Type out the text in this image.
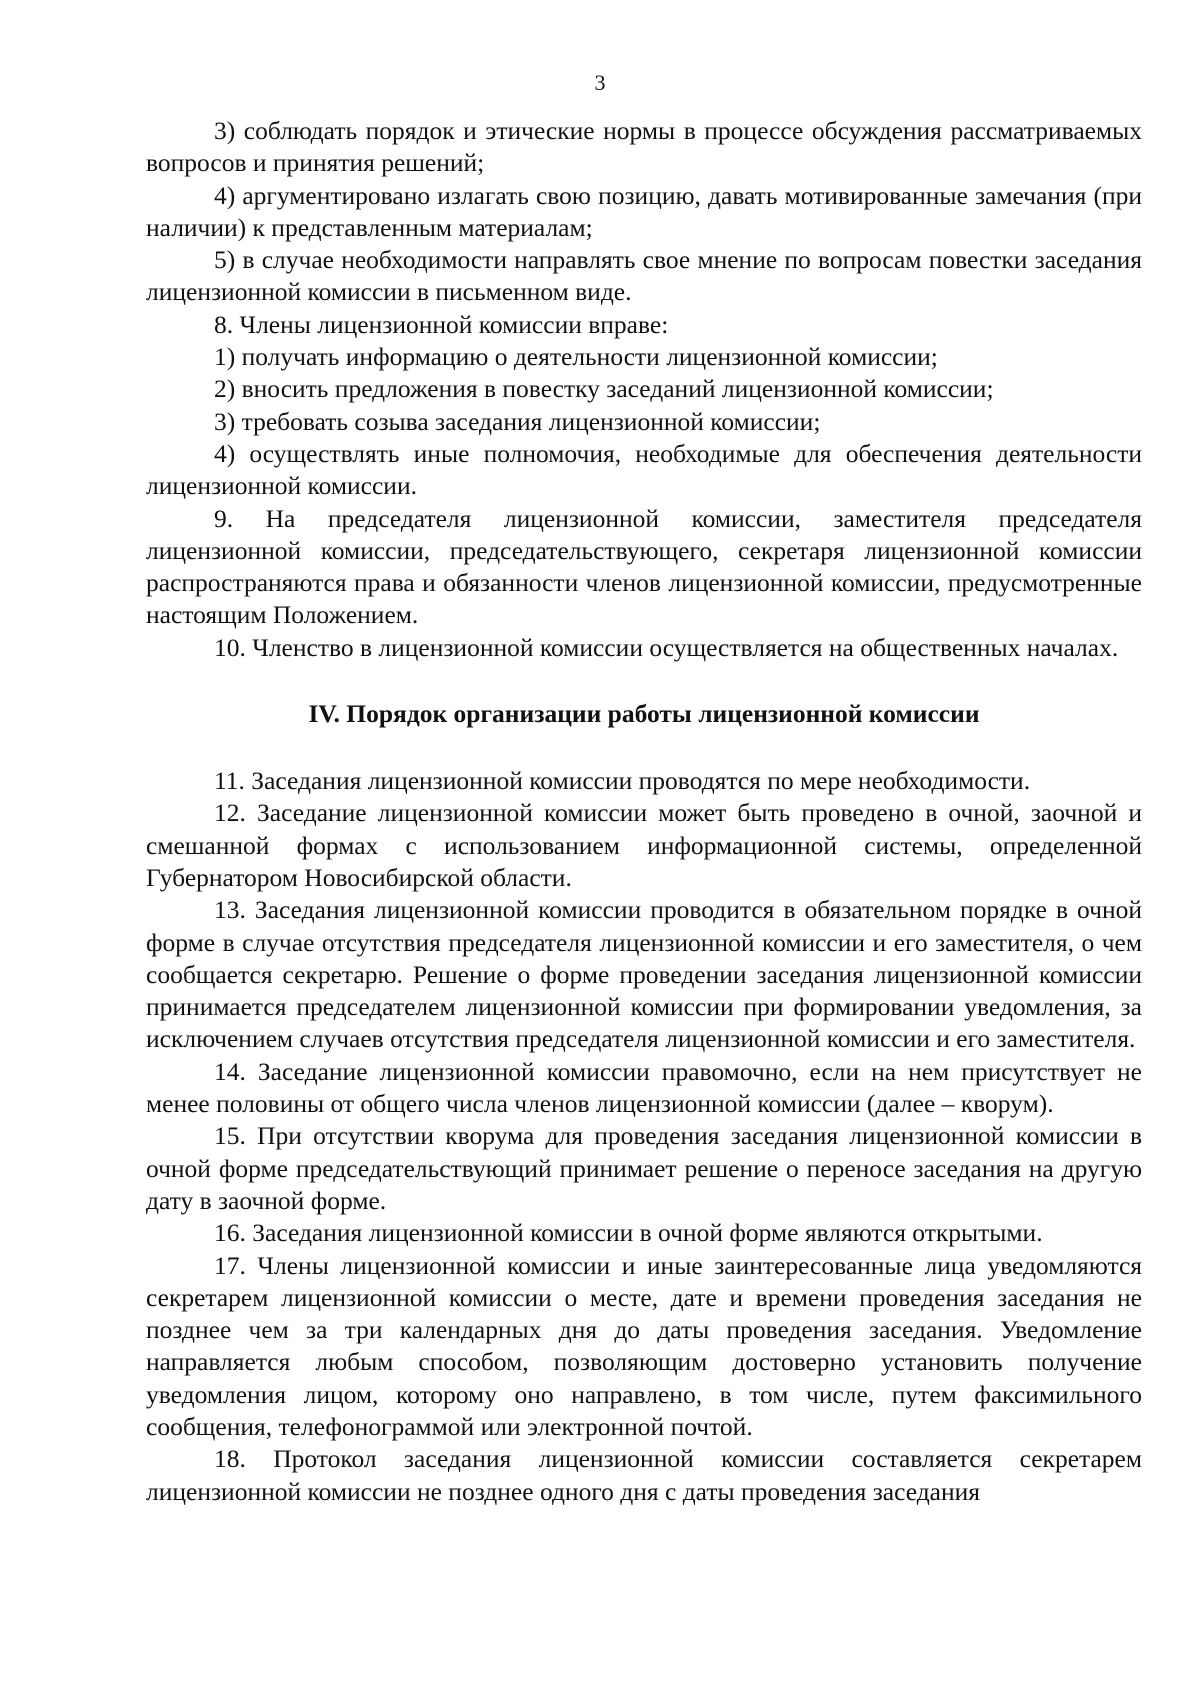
3

3) соблюдать порядок и этические нормы в процессе обсуждения рассматриваемых вопросов и принятия решений;

4) аргументировано излагать свою позицию, давать мотивированные замечания (при наличии) к представленным материалам;

5) в случае необходимости направлять свое мнение по вопросам повестки заседания лицензионной комиссии в письменном виде.

8. Члены лицензионной комиссии вправе:

1) получать информацию о деятельности лицензионной комиссии;

2) вносить предложения в повестку заседаний лицензионной комиссии;

3) требовать созыва заседания лицензионной комиссии;

4) осуществлять иные полномочия, необходимые для обеспечения деятельности лицензионной комиссии.

9. На председателя лицензионной комиссии, заместителя председателя лицензионной комиссии, председательствующего, секретаря лицензионной комиссии распространяются права и обязанности членов лицензионной комиссии, предусмотренные настоящим Положением.

10. Членство в лицензионной комиссии осуществляется на общественных началах.

IV. Порядок организации работы лицензионной комиссии

11. Заседания лицензионной комиссии проводятся по мере необходимости.

12. Заседание лицензионной комиссии может быть проведено в очной, заочной и смешанной формах с использованием информационной системы, определенной Губернатором Новосибирской области.

13. Заседания лицензионной комиссии проводится в обязательном порядке в очной форме в случае отсутствия председателя лицензионной комиссии и его заместителя, о чем сообщается секретарю. Решение о форме проведении заседания лицензионной комиссии принимается председателем лицензионной комиссии при формировании уведомления, за исключением случаев отсутствия председателя лицензионной комиссии и его заместителя.

14. Заседание лицензионной комиссии правомочно, если на нем присутствует не менее половины от общего числа членов лицензионной комиссии (далее – кворум).

15. При отсутствии кворума для проведения заседания лицензионной комиссии в очной форме председательствующий принимает решение о переносе заседания на другую дату в заочной форме.

16. Заседания лицензионной комиссии в очной форме являются открытыми.

17. Члены лицензионной комиссии и иные заинтересованные лица уведомляются секретарем лицензионной комиссии о месте, дате и времени проведения заседания не позднее чем за три календарных дня до даты проведения заседания. Уведомление направляется любым способом, позволяющим достоверно установить получение уведомления лицом, которому оно направлено, в том числе, путем факсимильного сообщения, телефонограммой или электронной почтой.

18. Протокол заседания лицензионной комиссии составляется секретарем лицензионной комиссии не позднее одного дня с даты проведения заседания
